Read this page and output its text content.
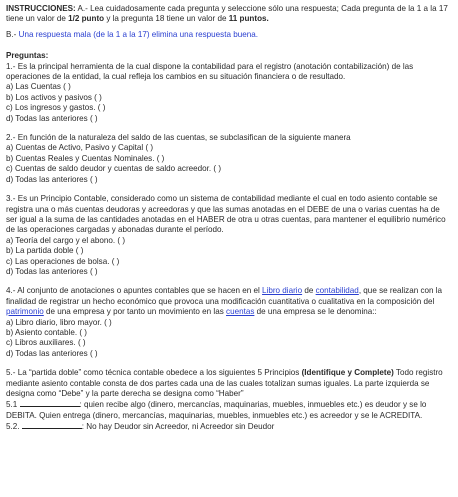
INSTRUCCIONES: A.- Lea cuidadosamente cada pregunta y seleccione sólo una respuesta; Cada pregunta de la 1 a la 17 tiene un valor de 1/2 punto y la pregunta 18 tiene un valor de 11 puntos.

B.- Una respuesta mala (de la 1 a la 17) elimina una respuesta buena.

Preguntas:

1.- Es la principal herramienta de la cual dispone la contabilidad para el registro (anotación contabilización) de las operaciones de la entidad, la cual refleja los cambios en su situación financiera o de resultado.

a) Las Cuentas ( )
b) Los activos y pasivos ( )
c) Los ingresos y gastos. ( )
d) Todas las anteriores ( )

2.- En función de la naturaleza del saldo de las cuentas, se subclasifican de la siguiente manera

a) Cuentas de Activo, Pasivo y Capital ( )
b) Cuentas Reales y Cuentas Nominales. ( )
c) Cuentas de saldo deudor y cuentas de saldo acreedor. ( )
d) Todas las anteriores ( )

3.- Es un Principio Contable, considerado como un sistema de contabilidad mediante el cual en todo asiento contable se registra una o más cuentas deudoras y acreedoras y que las sumas anotadas en el DEBE de una o varias cuentas ha de ser igual a la suma de las cantidades anotadas en el HABER de otra u otras cuentas, para mantener el equilibrio numérico de las operaciones cargadas y abonadas durante el período.

a) Teoría del cargo y el abono. ( )
b) La partida doble ( )
c) Las operaciones de bolsa. ( )
d) Todas las anteriores ( )

4.- Al conjunto de anotaciones o apuntes contables que se hacen en el Libro diario de contabilidad, que se realizan con la finalidad de registrar un hecho económico que provoca una modificación cuantitativa o cualitativa en la composición del patrimonio de una empresa y por tanto un movimiento en las cuentas de una empresa se le denomina::

a) Libro diario, libro mayor. ( )
b) Asiento contable. ( )
c) Libros auxiliares. ( )
d) Todas las anteriores ( )

5.- La “partida doble” como técnica contable obedece a los siguientes 5 Principios (Identifique y Complete) Todo registro mediante asiento contable consta de dos partes cada una de las cuales totalizan sumas iguales. La parte izquierda se designa como “Debe” y la parte derecha se designa como “Haber”

5.1	: quien recibe algo (dinero, mercancías, maquinarias, muebles, inmuebles etc.) es deudor y se lo DEBITA. Quien entrega (dinero, mercancías, maquinarias, muebles, inmuebles etc.) es acreedor y se le ACREDITA.

5.2.	: No hay Deudor sin Acreedor, ni Acreedor sin Deudor
